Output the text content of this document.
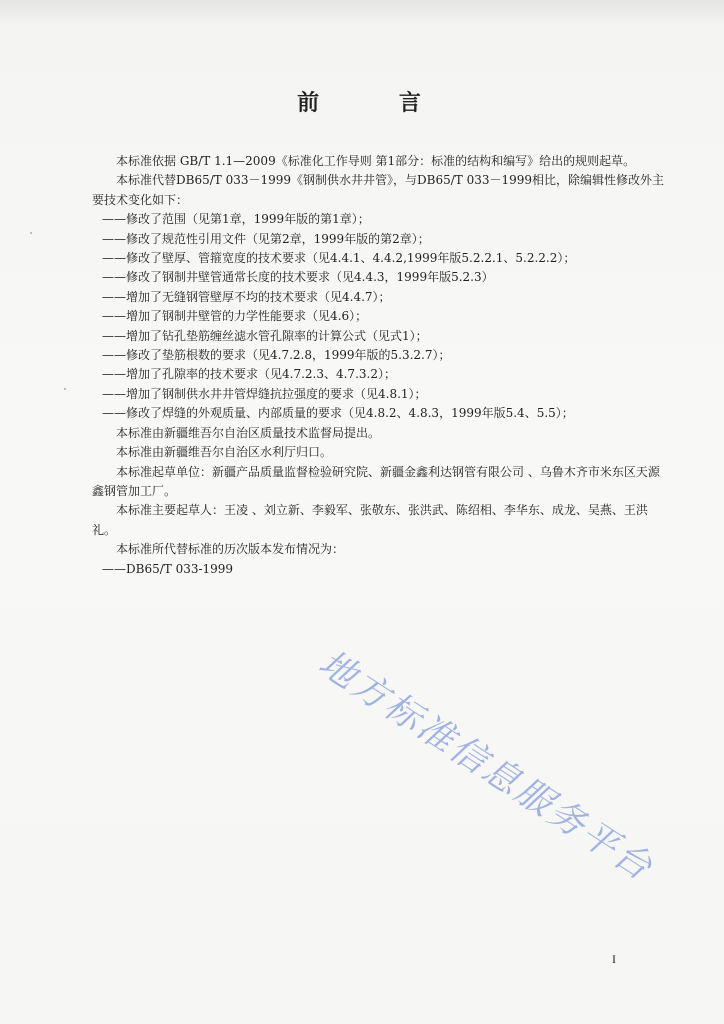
前 言

本标准依据 GB/T 1.1—2009《标准化工作导则 第1部分：标准的结构和编写》给出的规则起草。

本标准代替DB65/T 033－1999《钢制供水井井管》，与DB65/T 033－1999相比，除编辑性修改外主要技术变化如下：

——修改了范围（见第1章，1999年版的第1章）；

——修改了规范性引用文件（见第2章，1999年版的第2章）；

——修改了壁厚、管箍宽度的技术要求（见4.4.1、4.4.2,1999年版5.2.2.1、5.2.2.2）；

——修改了钢制井壁管通常长度的技术要求（见4.4.3，1999年版5.2.3）

——增加了无缝钢管壁厚不均的技术要求（见4.4.7）；

——增加了钢制井壁管的力学性能要求（见4.6）；

——增加了钻孔垫筋缠丝滤水管孔隙率的计算公式（见式1）；

——修改了垫筋根数的要求（见4.7.2.8，1999年版的5.3.2.7）；

——增加了孔隙率的技术要求（见4.7.2.3、4.7.3.2）；

——增加了钢制供水井井管焊缝抗拉强度的要求（见4.8.1）；

——修改了焊缝的外观质量、内部质量的要求（见4.8.2、4.8.3，1999年版5.4、5.5）；

本标准由新疆维吾尔自治区质量技术监督局提出。

本标准由新疆维吾尔自治区水利厅归口。

本标准起草单位：新疆产品质量监督检验研究院、新疆金鑫利达钢管有限公司 、乌鲁木齐市米东区天源鑫钢管加工厂。

本标准主要起草人：王凌 、刘立新、李毅军、张敬东、张洪武、陈绍相、李华东、成龙、吴燕、王洪礼。

本标准所代替标准的历次版本发布情况为：

——DB65/T 033-1999

地方标准信息服务平台
I
